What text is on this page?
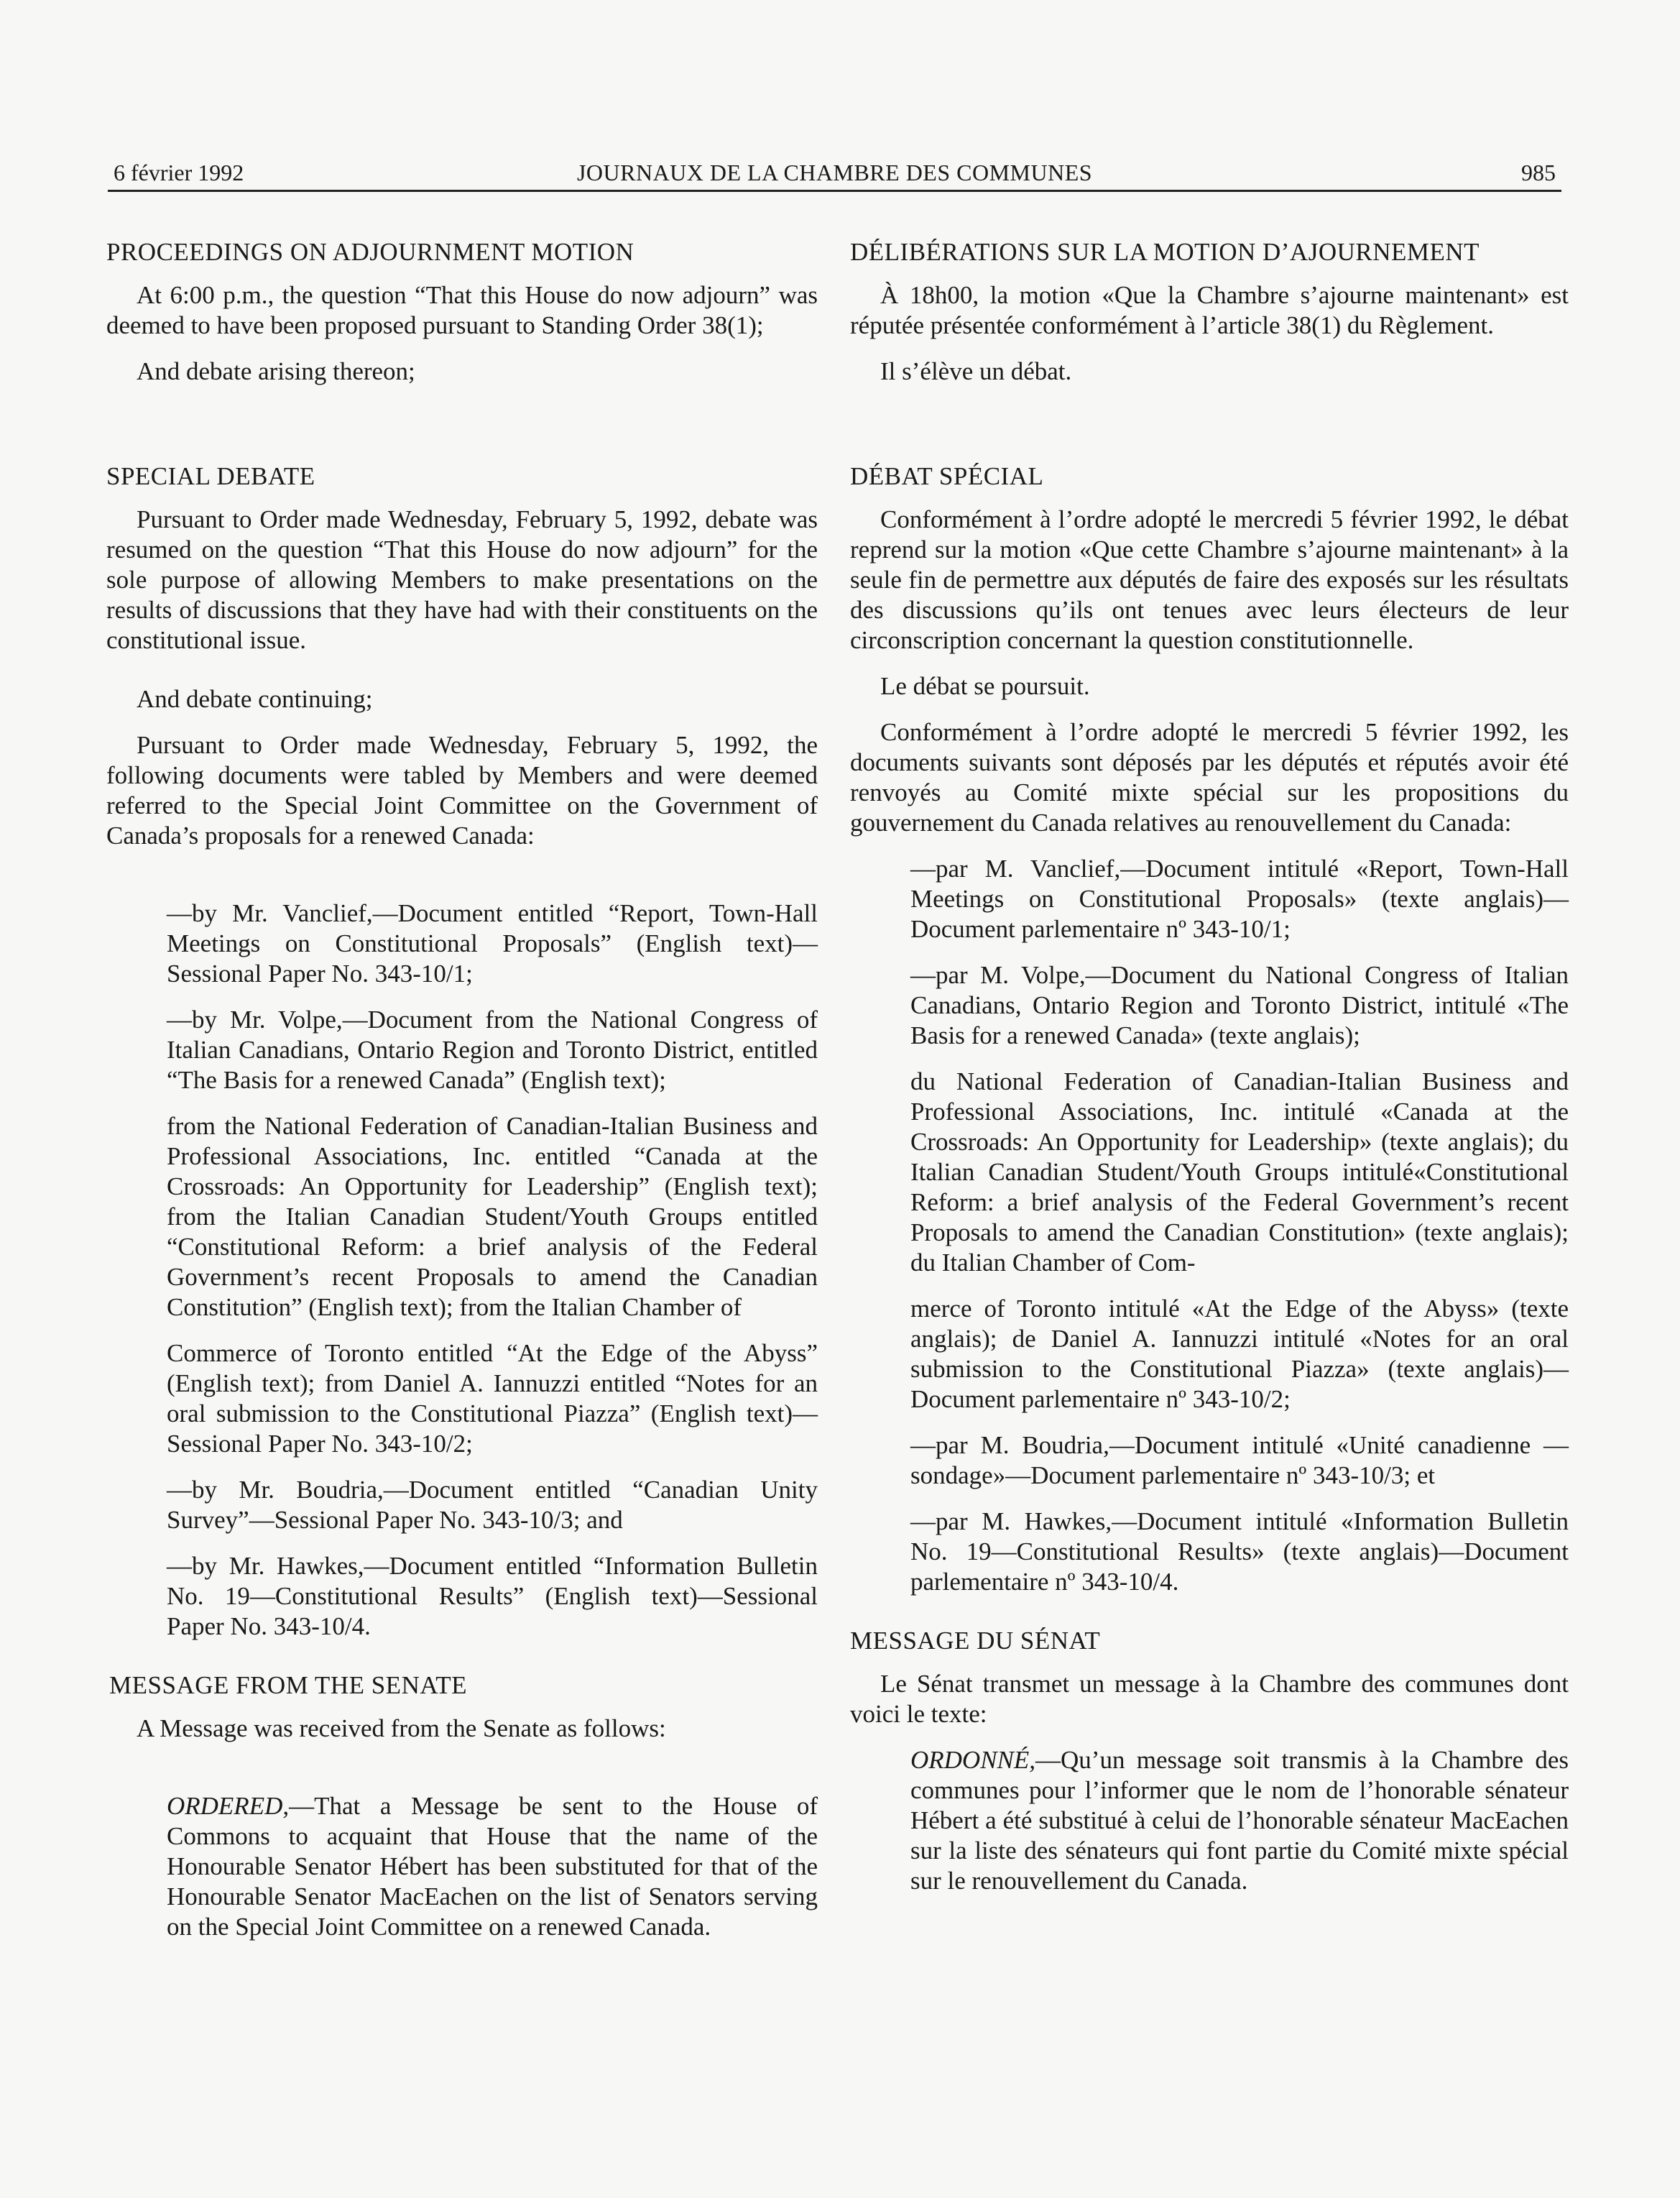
6 février 1992	JOURNAUX DE LA CHAMBRE DES COMMUNES	985
PROCEEDINGS ON ADJOURNMENT MOTION

At 6:00 p.m., the question “That this House do now adjourn” was deemed to have been proposed pursuant to Standing Order 38(1);

And debate arising thereon;

SPECIAL DEBATE

Pursuant to Order made Wednesday, February 5, 1992, debate was resumed on the question “That this House do now adjourn” for the sole purpose of allowing Members to make presentations on the results of discussions that they have had with their constituents on the constitutional issue.

And debate continuing;

Pursuant to Order made Wednesday, February 5, 1992, the following documents were tabled by Members and were deemed referred to the Special Joint Committee on the Government of Canada’s proposals for a renewed Canada:

—by Mr. Vanclief,—Document entitled “Report, Town-Hall Meetings on Constitutional Proposals” (English text)—Sessional Paper No. 343-10/1;

—by Mr. Volpe,—Document from the National Congress of Italian Canadians, Ontario Region and Toronto District, entitled “The Basis for a renewed Canada” (English text);

from the National Federation of Canadian-Italian Business and Professional Associations, Inc. entitled “Canada at the Crossroads: An Opportunity for Leadership” (English text); from the Italian Canadian Student/Youth Groups entitled “Constitutional Reform: a brief analysis of the Federal Government’s recent Proposals to amend the Canadian Constitution” (English text); from the Italian Chamber of

Commerce of Toronto entitled “At the Edge of the Abyss” (English text); from Daniel A. Iannuzzi entitled “Notes for an oral submission to the Constitutional Piazza” (English text)—Sessional Paper No. 343-10/2;

—by Mr. Boudria,—Document entitled “Canadian Unity Survey”—Sessional Paper No. 343-10/3; and

—by Mr. Hawkes,—Document entitled “Information Bulletin No. 19—Constitutional Results” (English text)—Sessional Paper No. 343-10/4.

MESSAGE FROM THE SENATE

A Message was received from the Senate as follows:

ORDERED,—That a Message be sent to the House of Commons to acquaint that House that the name of the Honourable Senator Hébert has been substituted for that of the Honourable Senator MacEachen on the list of Senators serving on the Special Joint Committee on a renewed Canada.

DÉLIBÉRATIONS SUR LA MOTION D’AJOURNEMENT

À 18h00, la motion «Que la Chambre s’ajourne maintenant» est réputée présentée conformément à l’article 38(1) du Règlement.

Il s’élève un débat.

DÉBAT SPÉCIAL

Conformément à l’ordre adopté le mercredi 5 février 1992, le débat reprend sur la motion «Que cette Chambre s’ajourne maintenant» à la seule fin de permettre aux députés de faire des exposés sur les résultats des discussions qu’ils ont tenues avec leurs électeurs de leur circonscription concernant la question constitutionnelle.

Le débat se poursuit.

Conformément à l’ordre adopté le mercredi 5 février 1992, les documents suivants sont déposés par les députés et réputés avoir été renvoyés au Comité mixte spécial sur les propositions du gouvernement du Canada relatives au renouvellement du Canada:

—par M. Vanclief,—Document intitulé «Report, Town-Hall Meetings on Constitutional Proposals» (texte anglais)—Document parlementaire nº 343-10/1;

—par M. Volpe,—Document du National Congress of Italian Canadians, Ontario Region and Toronto District, intitulé «The Basis for a renewed Canada» (texte anglais);

du National Federation of Canadian-Italian Business and Professional Associations, Inc. intitulé «Canada at the Crossroads: An Opportunity for Leadership» (texte anglais); du Italian Canadian Student/Youth Groups intitulé«Constitutional Reform: a brief analysis of the Federal Government’s recent Proposals to amend the Canadian Constitution» (texte anglais); du Italian Chamber of Com-

merce of Toronto intitulé «At the Edge of the Abyss» (texte anglais); de Daniel A. Iannuzzi intitulé «Notes for an oral submission to the Constitutional Piazza» (texte anglais)—Document parlementaire nº 343-10/2;

—par M. Boudria,—Document intitulé «Unité canadienne —sondage»—Document parlementaire nº 343-10/3; et

—par M. Hawkes,—Document intitulé «Information Bulletin No. 19—Constitutional Results» (texte anglais)—Document parlementaire nº 343-10/4.

MESSAGE DU SÉNAT

Le Sénat transmet un message à la Chambre des communes dont voici le texte:

ORDONNÉ,—Qu’un message soit transmis à la Chambre des communes pour l’informer que le nom de l’honorable sénateur Hébert a été substitué à celui de l’honorable sénateur MacEachen sur la liste des sénateurs qui font partie du Comité mixte spécial sur le renouvellement du Canada.
